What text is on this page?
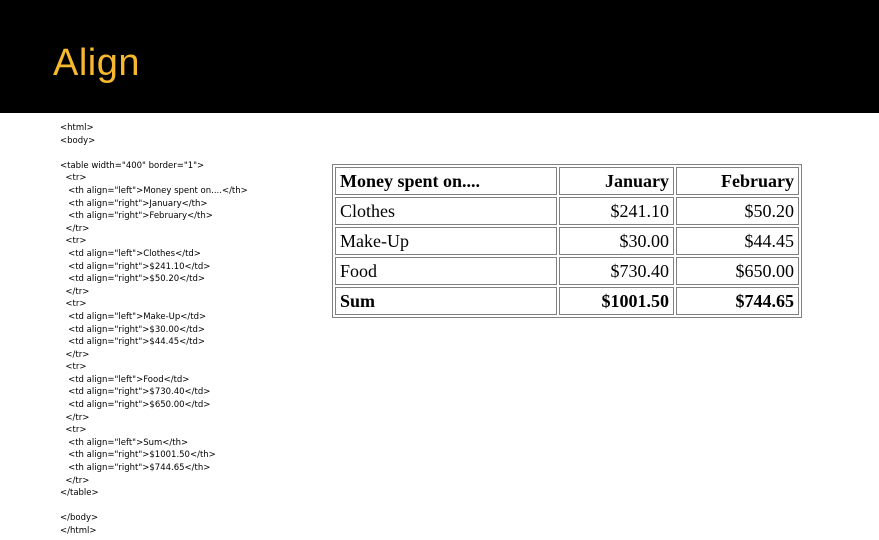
Align
<html>
<body>
<table width="400" border="1">
<tr>
<th align="left">Money spent on....</th>
<th align="right">January</th>
<th align="right">February</th>
</tr>
<tr>
<td align="left">Clothes</td>
<td align="right">$241.10</td>
<td align="right">$50.20</td>
</tr>
<tr>
<td align="left">Make-Up</td>
<td align="right">$30.00</td>
<td align="right">$44.45</td>
</tr>
<tr>
<td align="left">Food</td>
<td align="right">$730.40</td>
<td align="right">$650.00</td>
</tr>
<tr>
<th align="left">Sum</th>
<th align="right">$1001.50</th>
<th align="right">$744.65</th>
</tr>
</table>
</body>
</html>
Money spent on....	January	February
Clothes	$241.10	$50.20
Make-Up	$30.00	$44.45
Food	$730.40	$650.00
Sum	$1001.50	$744.65
